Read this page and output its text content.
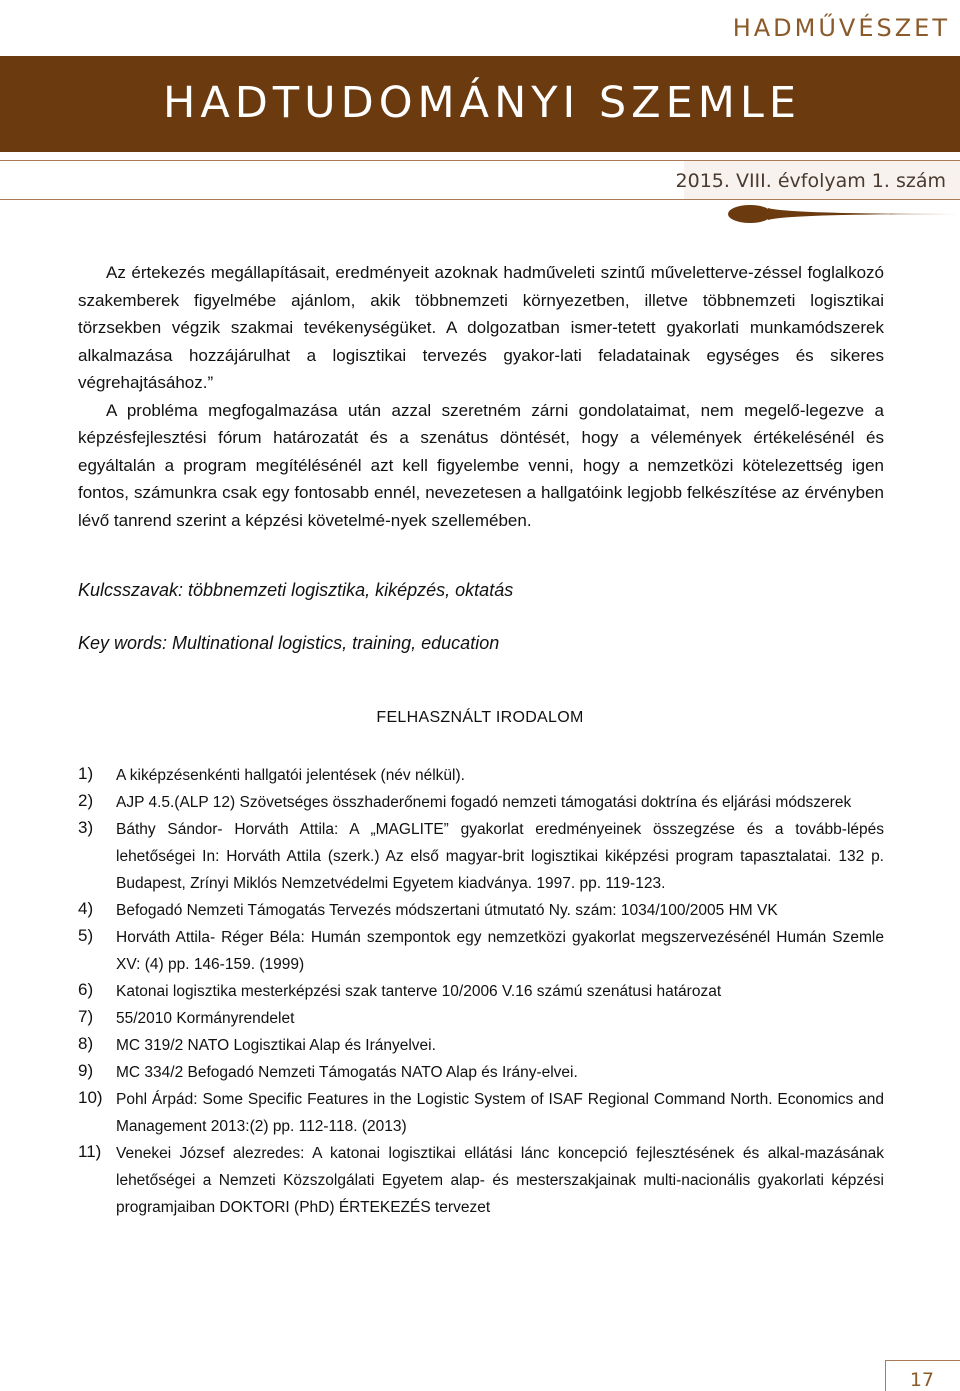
HADMŰVÉSZET
HADTUDOMÁNYI SZEMLE
2015. VIII. évfolyam 1. szám

Az értekezés megállapításait, eredményeit azoknak hadműveleti szintű műveletterve-zéssel foglalkozó szakemberek figyelmébe ajánlom, akik többnemzeti környezetben, illetve többnemzeti logisztikai törzsekben végzik szakmai tevékenységüket. A dolgozatban ismer-tetett gyakorlati munkamódszerek alkalmazása hozzájárulhat a logisztikai tervezés gyakor-lati feladatainak egységes és sikeres végrehajtásához.”

A probléma megfogalmazása után azzal szeretném zárni gondolataimat, nem megelő-legezve a képzésfejlesztési fórum határozatát és a szenátus döntését, hogy a vélemények értékelésénél és egyáltalán a program megítélésénél azt kell figyelembe venni, hogy a nemzetközi kötelezettség igen fontos, számunkra csak egy fontosabb ennél, nevezetesen a hallgatóink legjobb felkészítése az érvényben lévő tanrend szerint a képzési követelmé-nyek szellemében.

Kulcsszavak: többnemzeti logisztika, kiképzés, oktatás
Key words: Multinational logistics, training, education
FELHASZNÁLT IRODALOM
1) A kiképzésenkénti hallgatói jelentések (név nélkül).
2) AJP 4.5.(ALP 12) Szövetséges összhaderőnemi fogadó nemzeti támogatási doktrína és eljárási módszerek
3) Báthy Sándor- Horváth Attila: A „MAGLITE” gyakorlat eredményeinek összegzése és a tovább-lépés lehetőségei In: Horváth Attila (szerk.) Az első magyar-brit logisztikai kiképzési program tapasztalatai. 132 p. Budapest, Zrínyi Miklós Nemzetvédelmi Egyetem kiadványa. 1997. pp. 119-123.
4) Befogadó Nemzeti Támogatás Tervezés módszertani útmutató Ny. szám: 1034/100/2005 HM VK
5) Horváth Attila- Réger Béla: Humán szempontok egy nemzetközi gyakorlat megszervezésénél Humán Szemle XV: (4) pp. 146-159. (1999)
6) Katonai logisztika mesterképzési szak tanterve 10/2006 V.16 számú szenátusi határozat
7) 55/2010 Kormányrendelet
8) MC 319/2 NATO Logisztikai Alap és Irányelvei.
9) MC 334/2 Befogadó Nemzeti Támogatás NATO Alap és Irány-elvei.
10) Pohl Árpád: Some Specific Features in the Logistic System of ISAF Regional Command North. Economics and Management 2013:(2) pp. 112-118. (2013)
11) Venekei József alezredes: A katonai logisztikai ellátási lánc koncepció fejlesztésének és alkal-mazásának lehetőségei a Nemzeti Közszolgálati Egyetem alap- és mesterszakjainak multi-nacionális gyakorlati képzési programjaiban DOKTORI (PhD) ÉRTEKEZÉS tervezet
17
